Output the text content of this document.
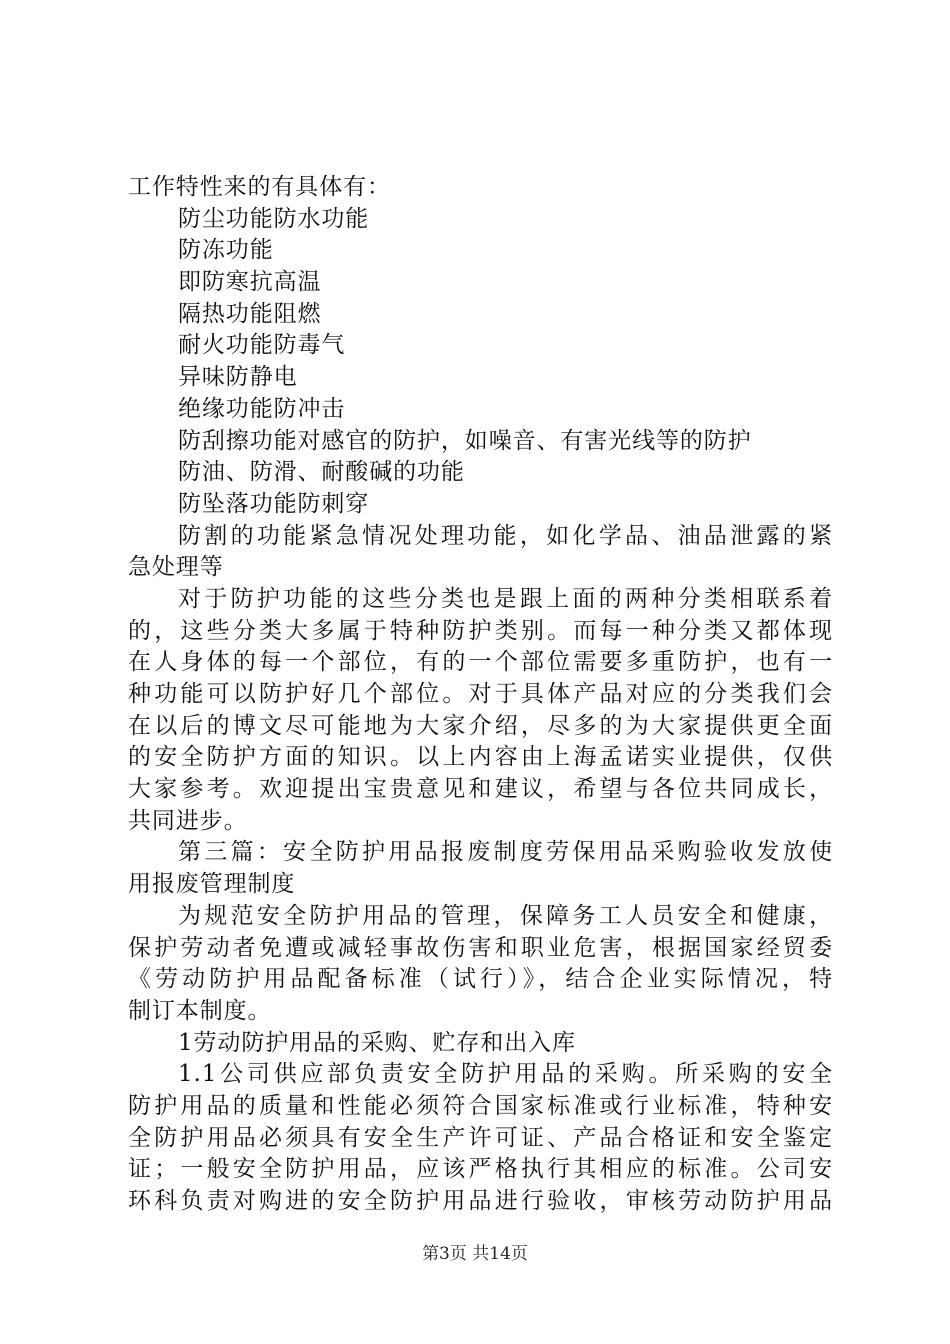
工作特性来的有具体有：
防尘功能防水功能
防冻功能
即防寒抗高温
隔热功能阻燃
耐火功能防毒气
异味防静电
绝缘功能防冲击
防刮擦功能对感官的防护，如噪音、有害光线等的防护
防油、防滑、耐酸碱的功能
防坠落功能防刺穿
防割的功能紧急情况处理功能，如化学品、油品泄露的紧
急处理等
对于防护功能的这些分类也是跟上面的两种分类相联系着
的，这些分类大多属于特种防护类别。而每一种分类又都体现
在人身体的每一个部位，有的一个部位需要多重防护，也有一
种功能可以防护好几个部位。对于具体产品对应的分类我们会
在以后的博文尽可能地为大家介绍，尽多的为大家提供更全面
的安全防护方面的知识。以上内容由上海孟诺实业提供，仅供
大家参考。欢迎提出宝贵意见和建议，希望与各位共同成长，
共同进步。
第三篇：安全防护用品报废制度劳保用品采购验收发放使
用报废管理制度
为规范安全防护用品的管理，保障务工人员安全和健康，
保护劳动者免遭或减轻事故伤害和职业危害，根据国家经贸委
《劳动防护用品配备标准（试行）》，结合企业实际情况，特
制订本制度。
1劳动防护用品的采购、贮存和出入库
1.1公司供应部负责安全防护用品的采购。所采购的安全
防护用品的质量和性能必须符合国家标准或行业标准，特种安
全防护用品必须具有安全生产许可证、产品合格证和安全鉴定
证；一般安全防护用品，应该严格执行其相应的标准。公司安
环科负责对购进的安全防护用品进行验收，审核劳动防护用品
第3页 共14页
